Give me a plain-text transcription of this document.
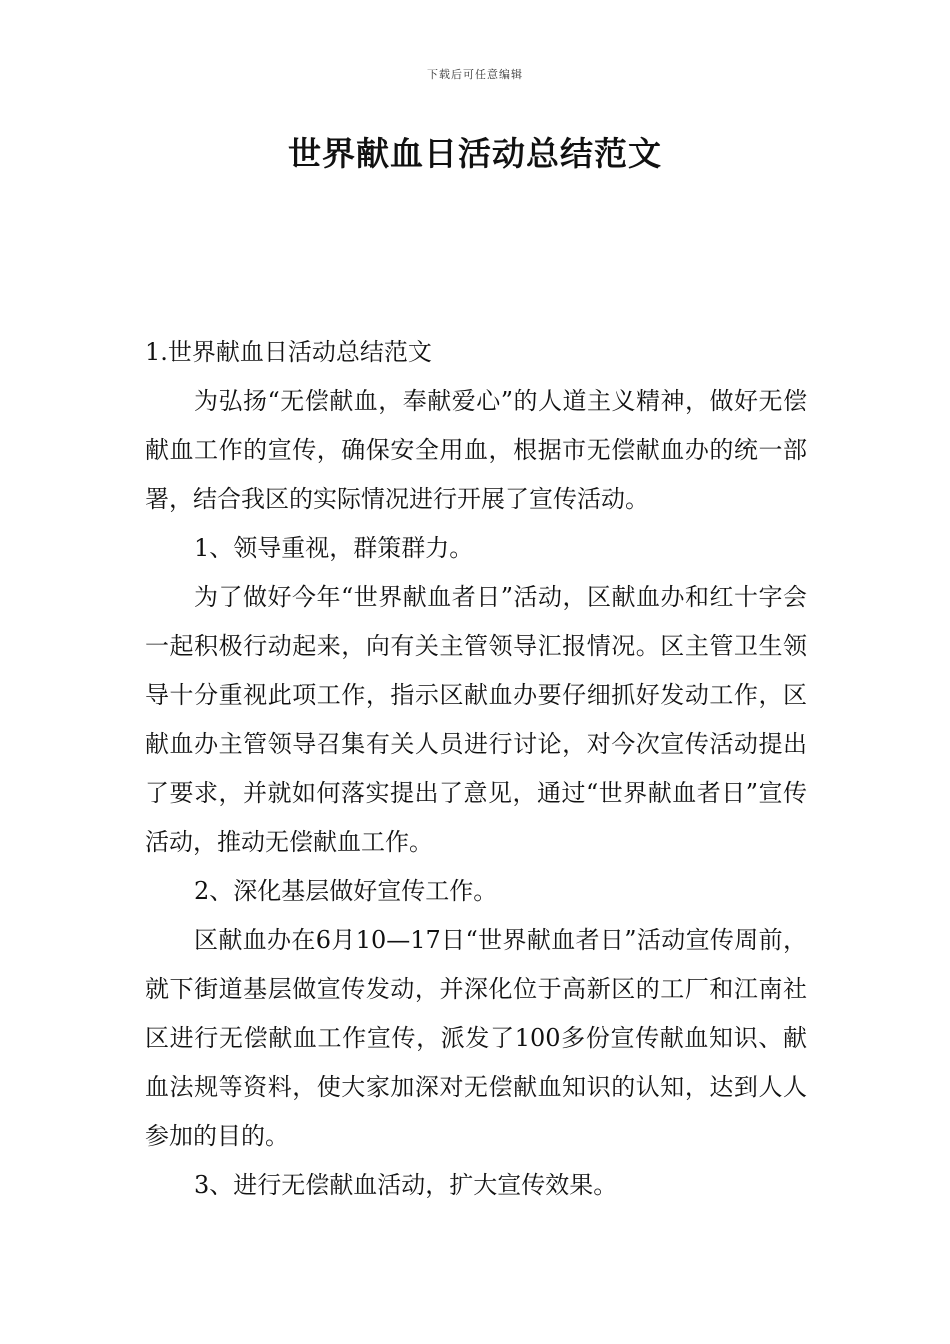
下载后可任意编辑
世界献血日活动总结范文

1.世界献血日活动总结范文

为弘扬“无偿献血，奉献爱心”的人道主义精神，做好无偿献血工作的宣传，确保安全用血，根据市无偿献血办的统一部署，结合我区的实际情况进行开展了宣传活动。

1、领导重视，群策群力。

为了做好今年“世界献血者日”活动，区献血办和红十字会一起积极行动起来，向有关主管领导汇报情况。区主管卫生领导十分重视此项工作，指示区献血办要仔细抓好发动工作，区献血办主管领导召集有关人员进行讨论，对今次宣传活动提出了要求，并就如何落实提出了意见，通过“世界献血者日”宣传活动，推动无偿献血工作。

2、深化基层做好宣传工作。

区献血办在6月10—17日“世界献血者日”活动宣传周前，就下街道基层做宣传发动，并深化位于高新区的工厂和江南社区进行无偿献血工作宣传，派发了100多份宣传献血知识、献血法规等资料，使大家加深对无偿献血知识的认知，达到人人参加的目的。

3、进行无偿献血活动，扩大宣传效果。
